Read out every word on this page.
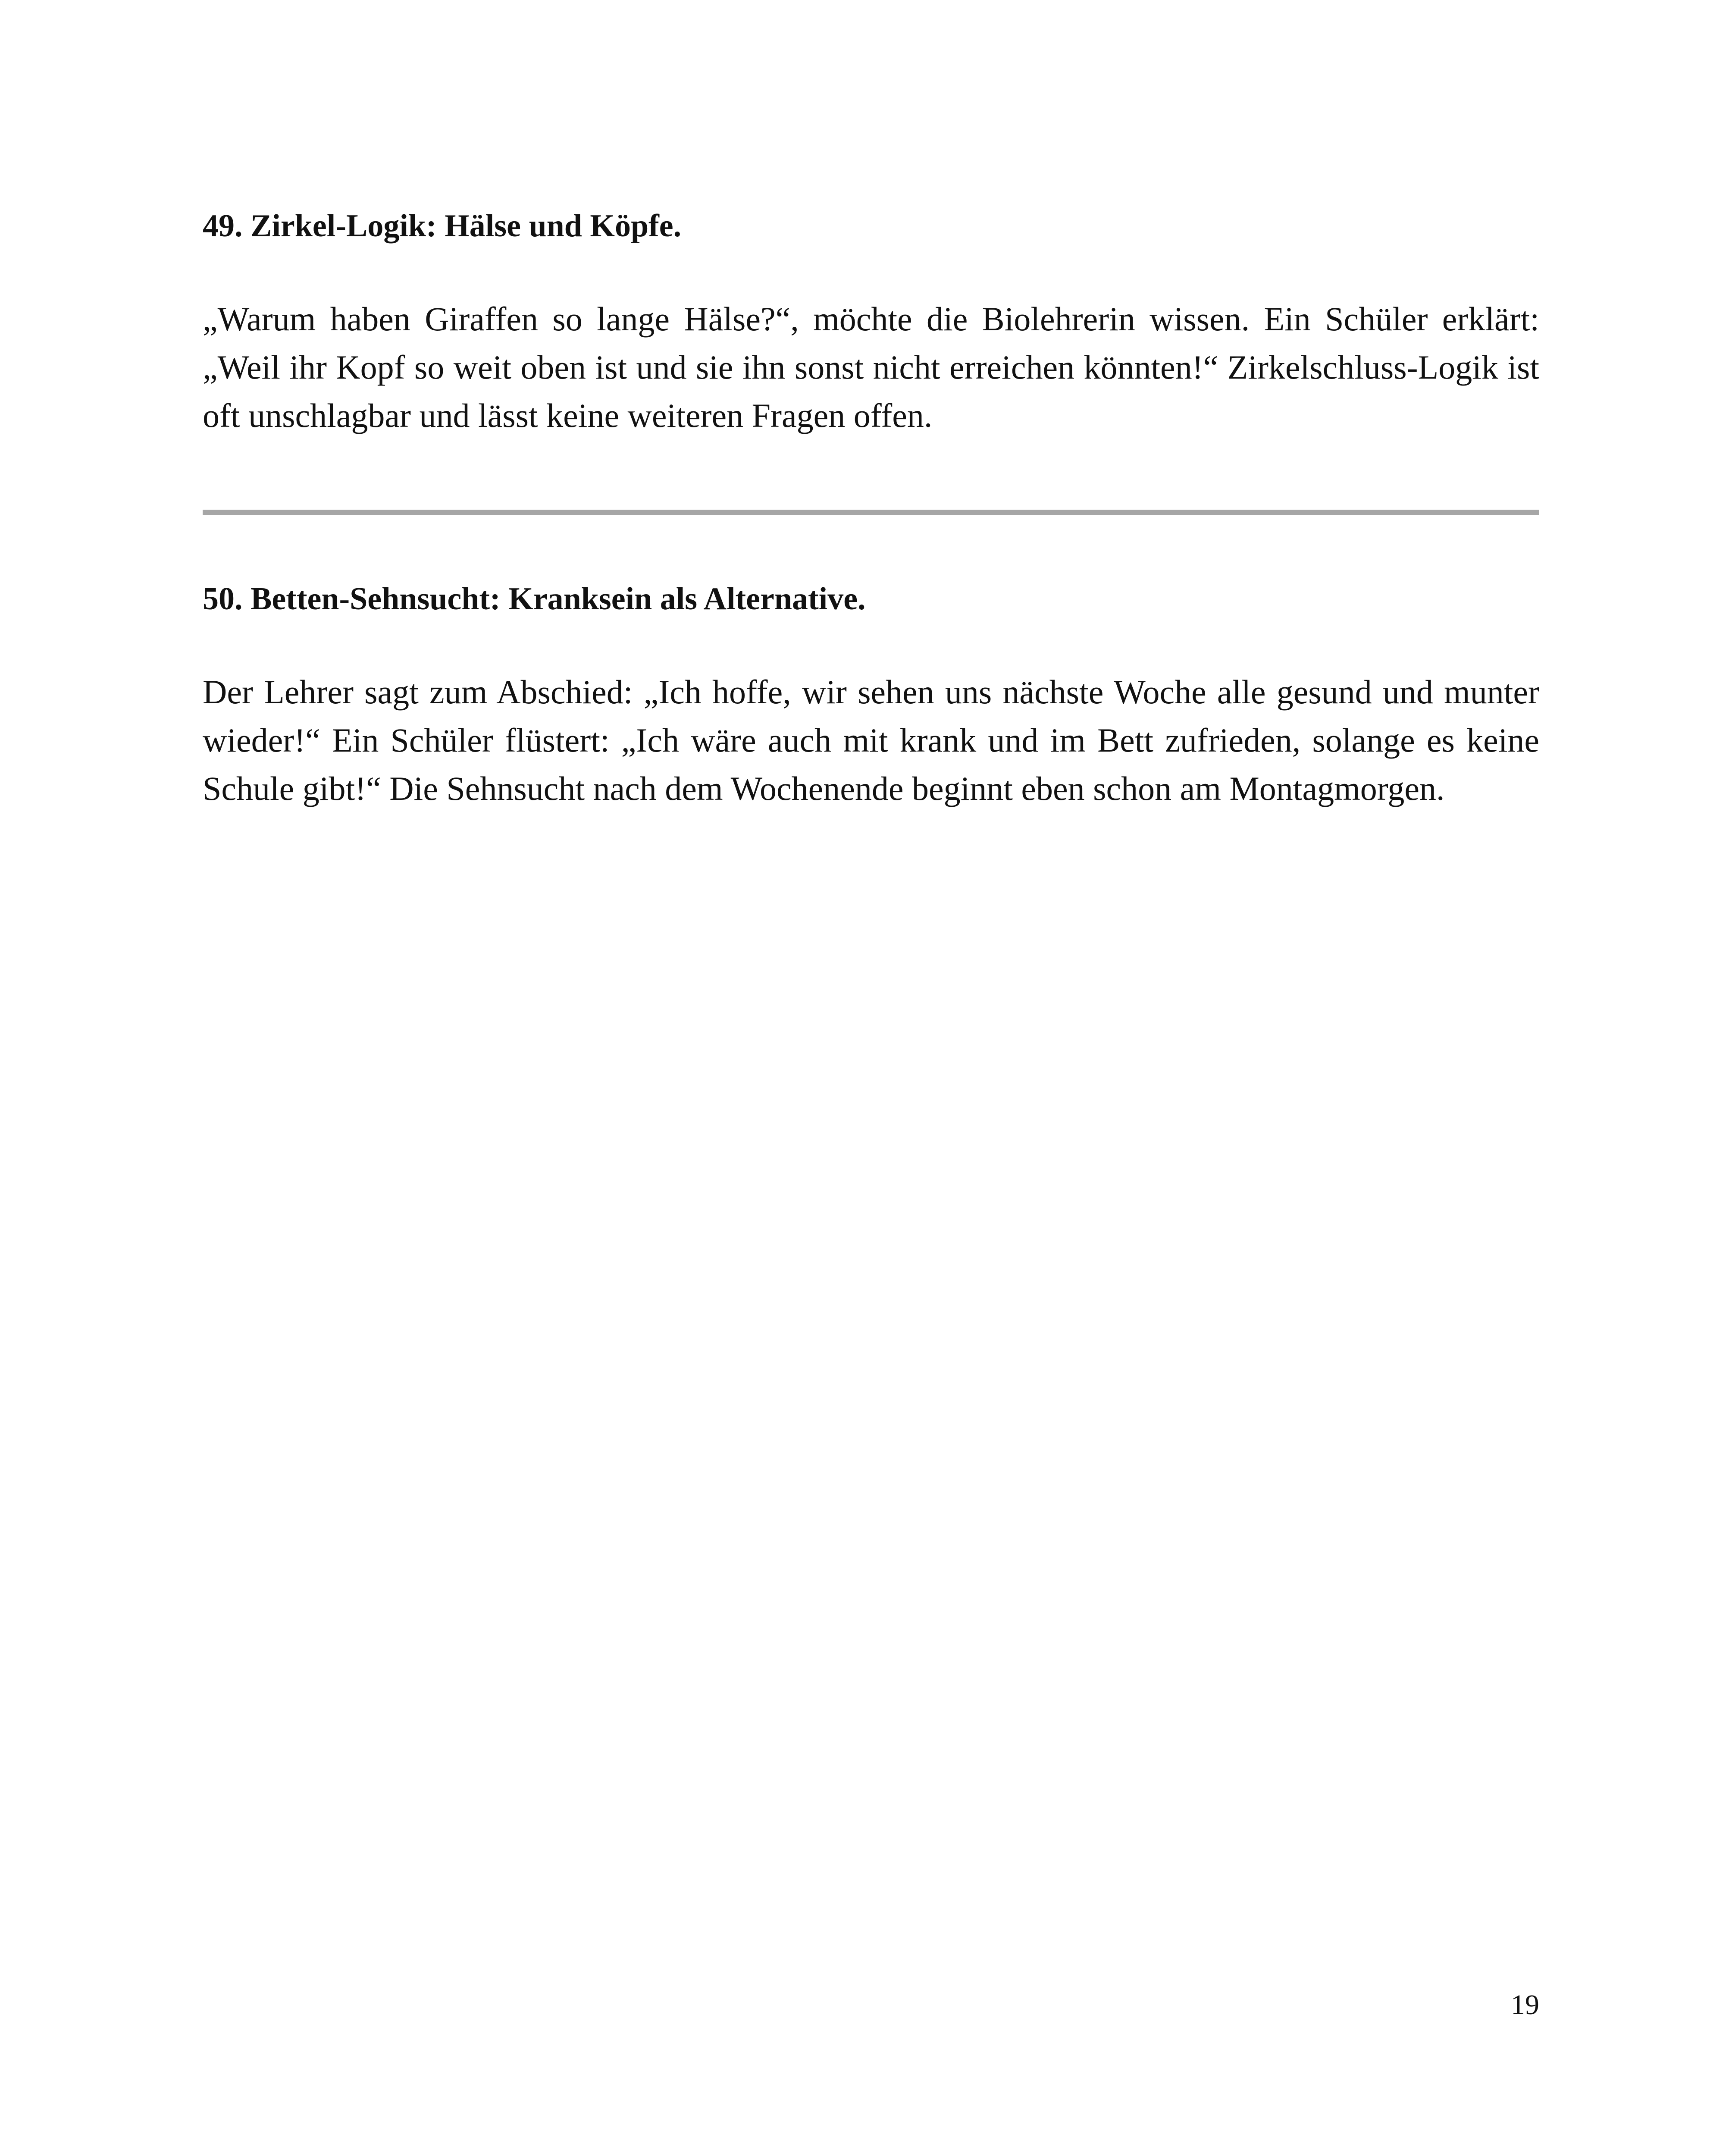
49. Zirkel-Logik: Hälse und Köpfe.

„Warum haben Giraffen so lange Hälse?“, möchte die Biolehrerin wissen. Ein Schüler erklärt: „Weil ihr Kopf so weit oben ist und sie ihn sonst nicht erreichen könnten!“ Zirkelschluss-Logik ist oft unschlagbar und lässt keine weiteren Fragen offen.

50. Betten-Sehnsucht: Kranksein als Alternative.

Der Lehrer sagt zum Abschied: „Ich hoffe, wir sehen uns nächste Woche alle gesund und munter wieder!“ Ein Schüler flüstert: „Ich wäre auch mit krank und im Bett zufrieden, solange es keine Schule gibt!“ Die Sehnsucht nach dem Wochenende beginnt eben schon am Montagmorgen.

19
